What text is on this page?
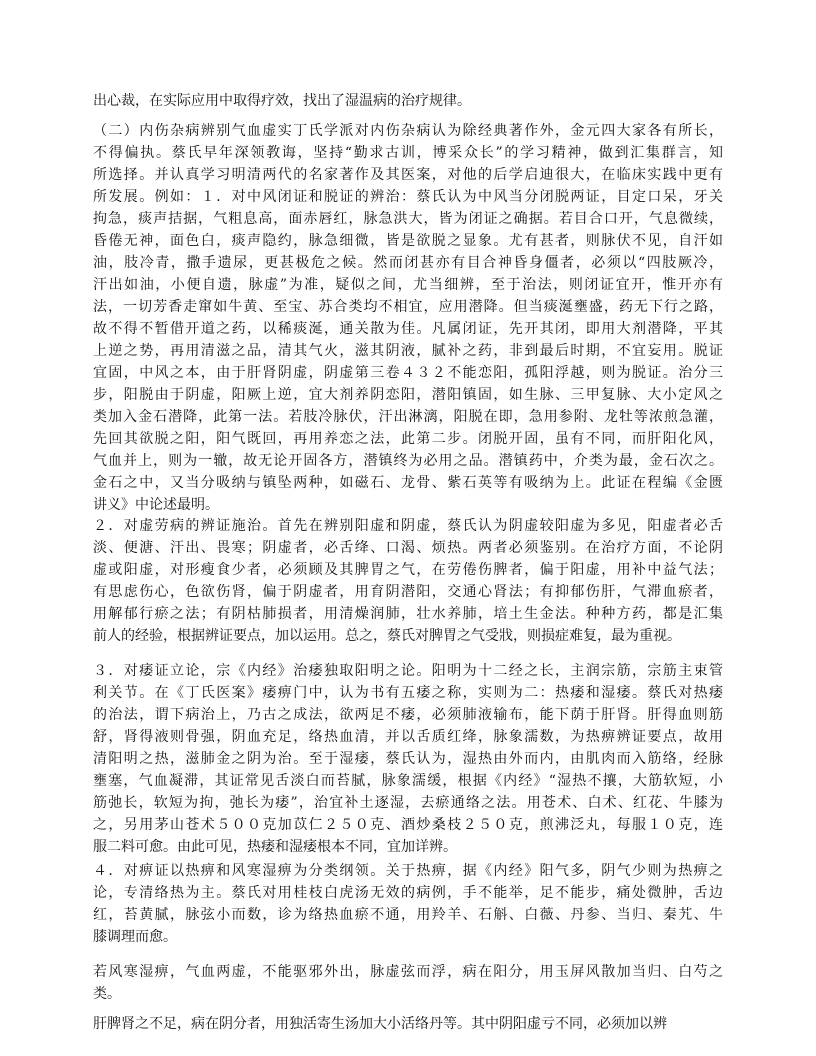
出心裁，在实际应用中取得疗效，找出了湿温病的治疗规律。
（二）内伤杂病辨别气血虚实丁氏学派对内伤杂病认为除经典著作外，金元四大家各有所长，
不得偏执。蔡氏早年深领教诲，坚持“勤求古训，博采众长”的学习精神，做到汇集群言，知
所选择。并认真学习明清两代的名家著作及其医案，对他的后学启迪很大，在临床实践中更有
所发展。例如：１．对中风闭证和脱证的辨治：蔡氏认为中风当分闭脱两证，目定口呆，牙关
拘急，痰声拮据，气粗息高，面赤唇红，脉急洪大，皆为闭证之确据。若目合口开，气息微续，
昏倦无神，面色白，痰声隐约，脉急细微，皆是欲脱之显象。尤有甚者，则脉伏不见，自汗如
油，肢冷青，撒手遗尿，更甚极危之候。然而闭甚亦有目合神昏身僵者，必须以“四肢厥冷，
汗出如油，小便自遗，脉虚”为准，疑似之间，尤当细辨，至于治法，则闭证宜开，惟开亦有
法，一切芳香走窜如牛黄、至宝、苏合类均不相宜，应用潜降。但当痰涎壅盛，药无下行之路，
故不得不暂借开道之药，以稀痰涎，通关散为佳。凡属闭证，先开其闭，即用大剂潜降，平其
上逆之势，再用清滋之品，清其气火，滋其阴液，腻补之药，非到最后时期，不宜妄用。脱证
宜固，中风之本，由于肝肾阴虚，阴虚第三卷４３２不能恋阳，孤阳浮越，则为脱证。治分三
步，阳脱由于阴虚，阳厥上逆，宜大剂养阴恋阳，潜阳镇固，如生脉、三甲复脉、大小定风之
类加入金石潜降，此第一法。若肢冷脉伏，汗出淋漓，阳脱在即，急用参附、龙牡等浓煎急灌，
先回其欲脱之阳，阳气既回，再用养恋之法，此第二步。闭脱开固，虽有不同，而肝阳化风，
气血并上，则为一辙，故无论开固各方，潜镇终为必用之品。潜镇药中，介类为最，金石次之。
金石之中，又当分吸纳与镇坠两种，如磁石、龙骨、紫石英等有吸纳为上。此证在程编《金匮
讲义》中论述最明。
２．对虚劳病的辨证施治。首先在辨别阳虚和阴虚，蔡氏认为阴虚较阳虚为多见，阳虚者必舌
淡、便溏、汗出、畏寒；阴虚者，必舌绛、口渴、烦热。两者必须鉴别。在治疗方面，不论阴
虚或阳虚，对形瘦食少者，必须顾及其脾胃之气，在劳倦伤脾者，偏于阳虚，用补中益气法；
有思虑伤心，色欲伤肾，偏于阴虚者，用育阴潜阳，交通心肾法；有抑郁伤肝，气滞血瘀者，
用解郁行瘀之法；有阴枯肺损者，用清燥润肺，壮水养肺，培土生金法。种种方药，都是汇集
前人的经验，根据辨证要点，加以运用。总之，蔡氏对脾胃之气受戕，则损症难复，最为重视。
３．对痿证立论，宗《内经》治痿独取阳明之论。阳明为十二经之长，主润宗筋，宗筋主束管
利关节。在《丁氏医案》痿痹门中，认为书有五痿之称，实则为二：热痿和湿痿。蔡氏对热痿
的治法，谓下病治上，乃古之成法，欲两足不痿，必须肺液输布，能下荫于肝肾。肝得血则筋
舒，肾得液则骨强，阴血充足，络热血清，并以舌质红绛，脉象濡数，为热痹辨证要点，故用
清阳明之热，滋肺金之阴为治。至于湿痿，蔡氏认为，湿热由外而内，由肌肉而入筋络，经脉
壅塞，气血凝滞，其证常见舌淡白而苔腻，脉象濡缓，根据《内经》“湿热不攘，大筋软短，小
筋弛长，软短为拘，弛长为痿”，治宜补土逐湿，去瘀通络之法。用苍术、白术、红花、牛膝为
之，另用茅山苍术５００克加苡仁２５０克、酒炒桑枝２５０克，煎沸泛丸，每服１０克，连
服二料可愈。由此可见，热痿和湿痿根本不同，宜加详辨。
４．对痹证以热痹和风寒湿痹为分类纲领。关于热痹，据《内经》阳气多，阴气少则为热痹之
论，专清络热为主。蔡氏对用桂枝白虎汤无效的病例，手不能举，足不能步，痛处微肿，舌边
红，苔黄腻，脉弦小而数，诊为络热血瘀不通，用羚羊、石斛、白薇、丹参、当归、秦艽、牛
膝调理而愈。
若风寒湿痹，气血两虚，不能驱邪外出，脉虚弦而浮，病在阳分，用玉屏风散加当归、白芍之
类。
肝脾肾之不足，病在阴分者，用独活寄生汤加大小活络丹等。其中阴阳虚亏不同，必须加以辨
